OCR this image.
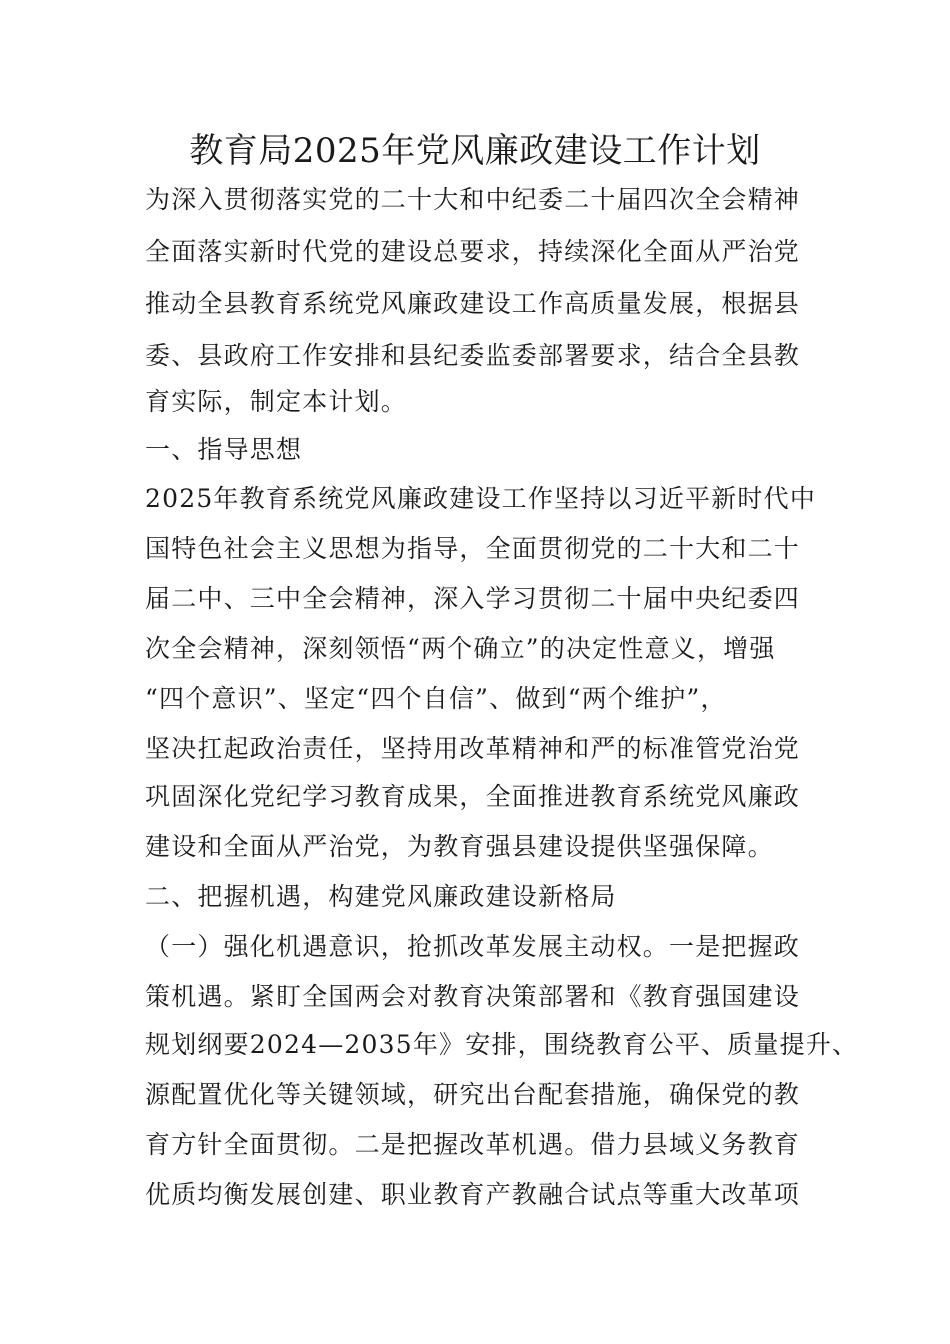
教育局2025年党风廉政建设工作计划
为深入贯彻落实党的二十大和中纪委二十届四次全会精神
全面落实新时代党的建设总要求，持续深化全面从严治党
推动全县教育系统党风廉政建设工作高质量发展，根据县
委、县政府工作安排和县纪委监委部署要求，结合全县教
育实际，制定本计划。
一、指导思想
2025年教育系统党风廉政建设工作坚持以习近平新时代中
国特色社会主义思想为指导，全面贯彻党的二十大和二十
届二中、三中全会精神，深入学习贯彻二十届中央纪委四
次全会精神，深刻领悟“两个确立”的决定性意义，增强
“四个意识”、坚定“四个自信”、做到“两个维护”，
坚决扛起政治责任，坚持用改革精神和严的标准管党治党
巩固深化党纪学习教育成果，全面推进教育系统党风廉政
建设和全面从严治党，为教育强县建设提供坚强保障。
二、把握机遇，构建党风廉政建设新格局
（一）强化机遇意识，抢抓改革发展主动权。一是把握政
策机遇。紧盯全国两会对教育决策部署和《教育强国建设
规划纲要2024—2035年》安排，围绕教育公平、质量提升、
源配置优化等关键领域，研究出台配套措施，确保党的教
育方针全面贯彻。二是把握改革机遇。借力县域义务教育
优质均衡发展创建、职业教育产教融合试点等重大改革项
